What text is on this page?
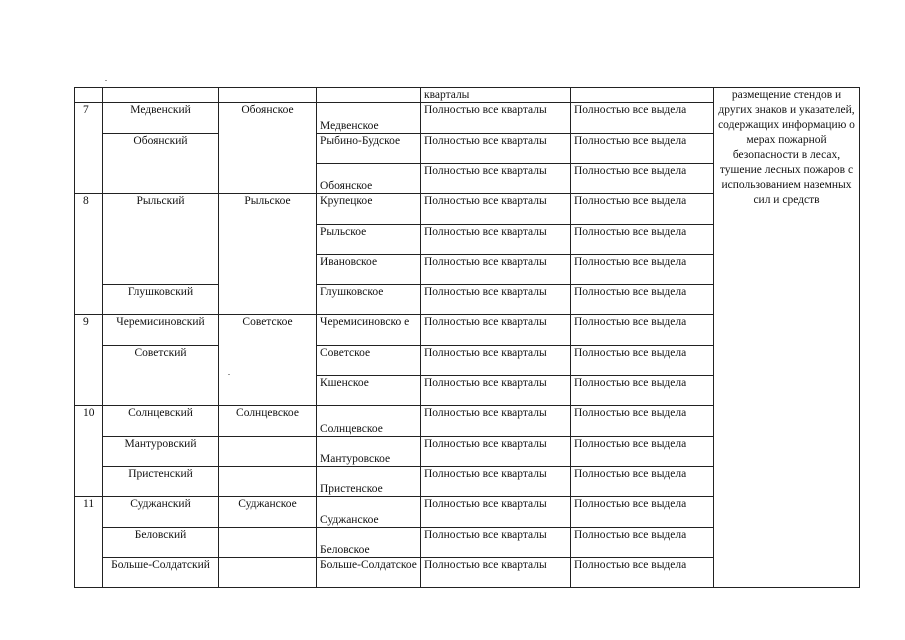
				кварталы		размещение стендов и других знаков и указателей, содержащих информацию о мерах пожарной безопасности в лесах, тушение лесных пожаров с использованием наземных сил и средств
7	Медвенский	Обоянское	Медвенское	Полностью все кварталы	Полностью все выдела	
	Обоянский		Рыбино-Будское	Полностью все кварталы	Полностью все выдела	
			Обоянское	Полностью все кварталы	Полностью все выдела	
8	Рыльский	Рыльское	Крупецкое	Полностью все кварталы	Полностью все выдела	
			Рыльское	Полностью все кварталы	Полностью все выдела	
			Ивановское	Полностью все кварталы	Полностью все выдела	
	Глушковский		Глушковское	Полностью все кварталы	Полностью все выдела	
9	Черемисиновский	Советское	Черемисиновско е	Полностью все кварталы	Полностью все выдела	
	Советский		Советское	Полностью все кварталы	Полностью все выдела	
			Кшенское	Полностью все кварталы	Полностью все выдела	
10	Солнцевский	Солнцевское	Солнцевское	Полностью все кварталы	Полностью все выдела	
	Мантуровский		Мантуровское	Полностью все кварталы	Полностью все выдела	
	Пристенский		Пристенское	Полностью все кварталы	Полностью все выдела	
11	Суджанский	Суджанское	Суджанское	Полностью все кварталы	Полностью все выдела	
	Беловский		Беловское	Полностью все кварталы	Полностью все выдела	
	Больше-Солдатский		Больше-Солдатское	Полностью все кварталы	Полностью все выдела	
